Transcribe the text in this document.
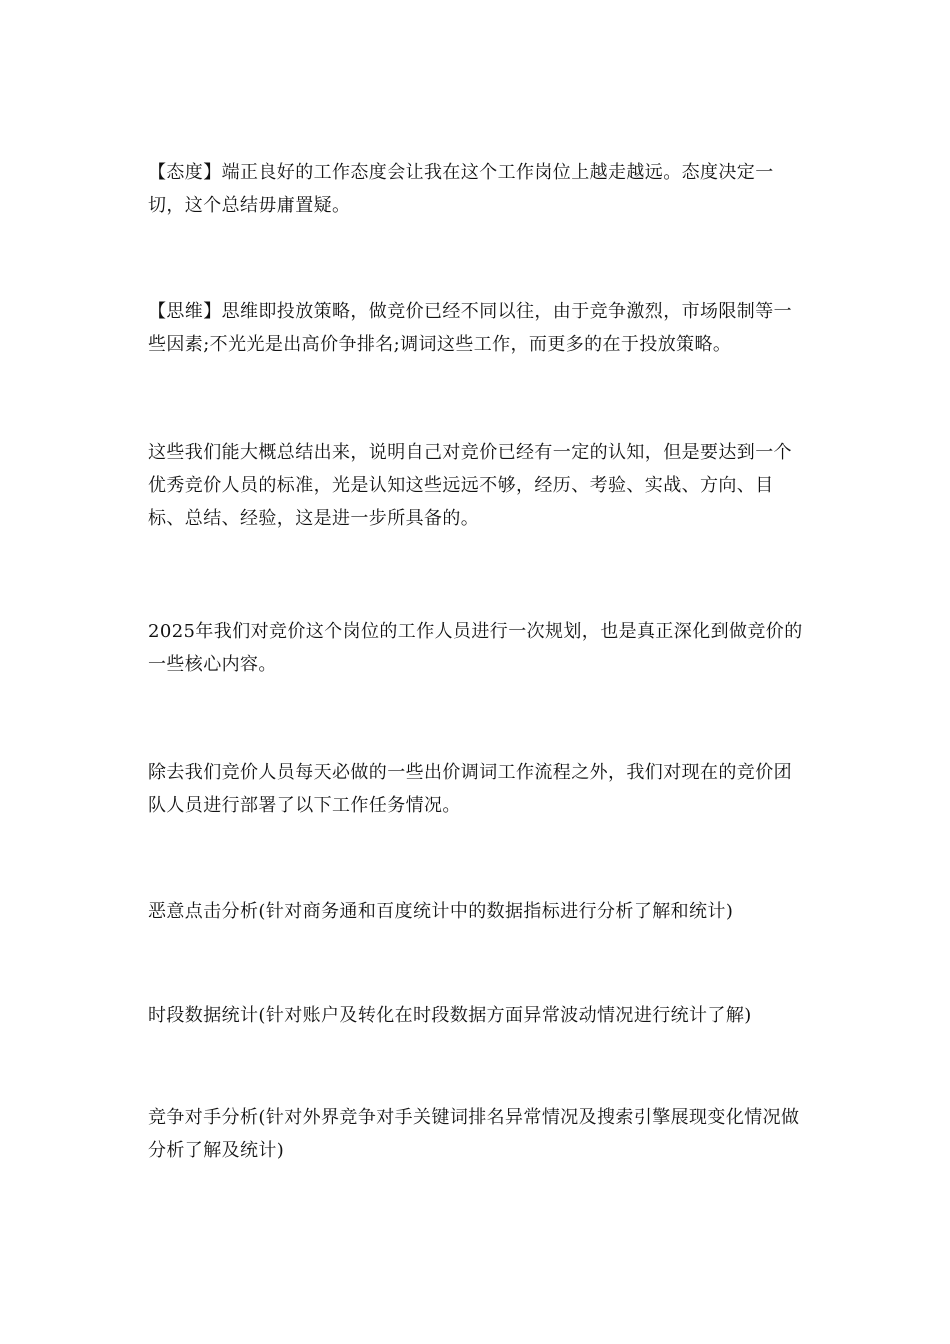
【态度】端正良好的工作态度会让我在这个工作岗位上越走越远。态度决定一切，这个总结毋庸置疑。

【思维】思维即投放策略，做竞价已经不同以往，由于竞争激烈，市场限制等一些因素;不光光是出高价争排名;调词这些工作，而更多的在于投放策略。

这些我们能大概总结出来，说明自己对竞价已经有一定的认知，但是要达到一个优秀竞价人员的标准，光是认知这些远远不够，经历、考验、实战、方向、目标、总结、经验，这是进一步所具备的。

2025年我们对竞价这个岗位的工作人员进行一次规划，也是真正深化到做竞价的一些核心内容。

除去我们竞价人员每天必做的一些出价调词工作流程之外，我们对现在的竞价团队人员进行部署了以下工作任务情况。

恶意点击分析(针对商务通和百度统计中的数据指标进行分析了解和统计)

时段数据统计(针对账户及转化在时段数据方面异常波动情况进行统计了解)

竞争对手分析(针对外界竞争对手关键词排名异常情况及搜索引擎展现变化情况做分析了解及统计)
